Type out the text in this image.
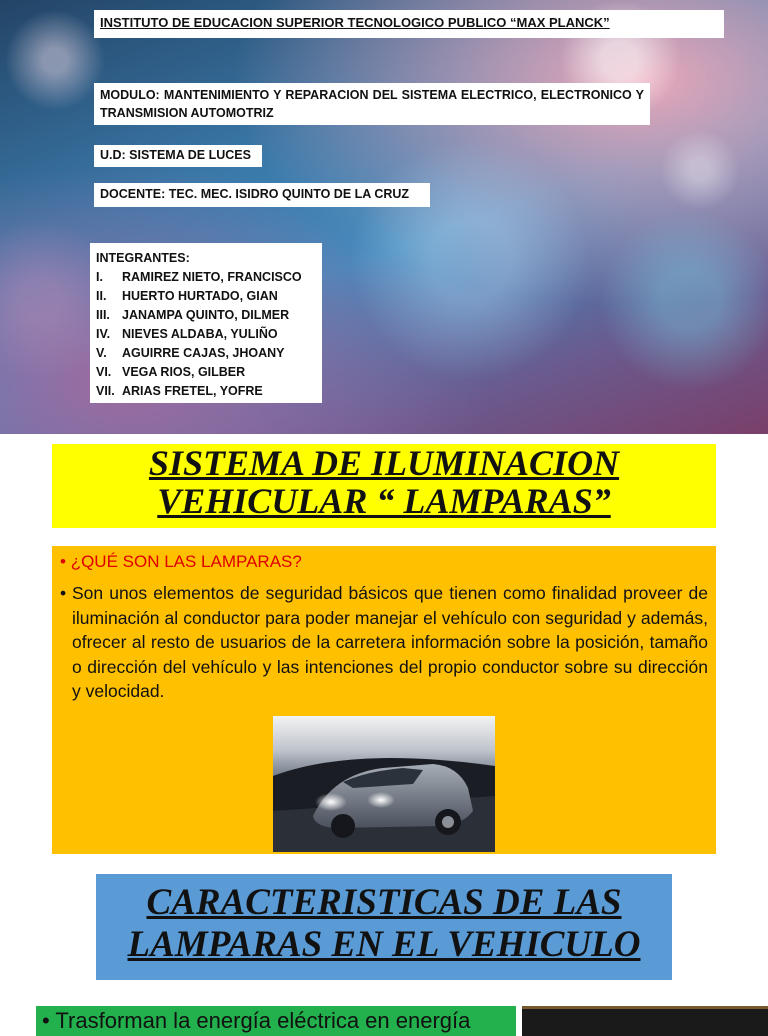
INSTITUTO DE EDUCACION SUPERIOR TECNOLOGICO PUBLICO “MAX PLANCK”
MODULO: MANTENIMIENTO Y REPARACION DEL SISTEMA ELECTRICO, ELECTRONICO Y TRANSMISION AUTOMOTRIZ
U.D: SISTEMA DE LUCES
DOCENTE: TEC. MEC. ISIDRO QUINTO DE LA CRUZ
INTEGRANTES:
I.	RAMIREZ NIETO, FRANCISCO
II.	HUERTO HURTADO, GIAN
III. JANAMPA QUINTO, DILMER
IV. NIEVES ALDABA, YULIÑO
V.	AGUIRRE CAJAS, JHOANY
VI. VEGA RIOS, GILBER
VII. ARIAS FRETEL, YOFRE
SISTEMA DE ILUMINACION
VEHICULAR “ LAMPARAS”
• ¿QUÉ SON LAS LAMPARAS?
• Son unos elementos de seguridad básicos que tienen como finalidad proveer de iluminación al conductor para poder manejar el vehículo con seguridad y además, ofrecer al resto de usuarios de la carretera información sobre la posición, tamaño o dirección del vehículo y las intenciones del propio conductor sobre su dirección y velocidad.
CARACTERISTICAS DE LAS
LAMPARAS EN EL VEHICULO
• Trasforman la energía eléctrica en energía
